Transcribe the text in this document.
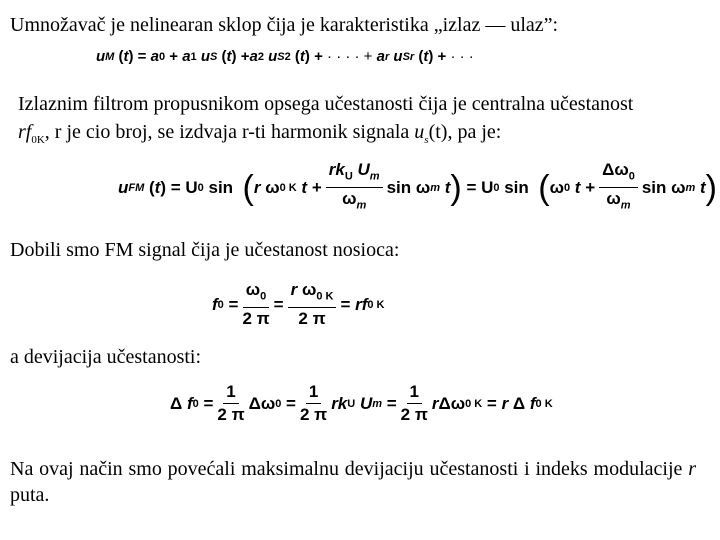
Umnožavač je nelinearan sklop čija je karakteristika „izlaz — ulaz”:
u M ( t ) = a 0 + a 1 u S ( t ) + a 2 u S 2 ( t ) + · · · · + a r u S r ( t ) + · · ·
Izlaznim filtrom propusnikom opsega učestanosti čija je centralna učestanost
$rf_{0K}$, r je cio broj, se izdvaja r-ti harmonik signala $u_s(t)$, pa je:
u FM ( t ) = U 0 sin ( r ω 0 K $t + \frac{rk_U U_m}{\omega_m}$ sin ω m t ) = U 0 sin ( ω 0 $t + \frac{\Delta\omega_0}{\omega_m}$ sin ω m t )
Dobili smo FM signal čija je učestanost nosioca:
f $0 = \frac{\omega_0}{2 \pi} = \frac{r \omega_{0 K}}{2 \pi}$ = rf 0 K
a devijacija učestanosti:
Δ f $0 = \frac{1}{2 \pi}$ Δω $0 = \frac{1}{2 \pi}$ rk U U $m = \frac{1}{2 \pi}$ r Δω 0 K = r Δ f 0 K
Na ovaj način smo povećali maksimalnu devijaciju učestanosti i indeks modulacije r puta.
